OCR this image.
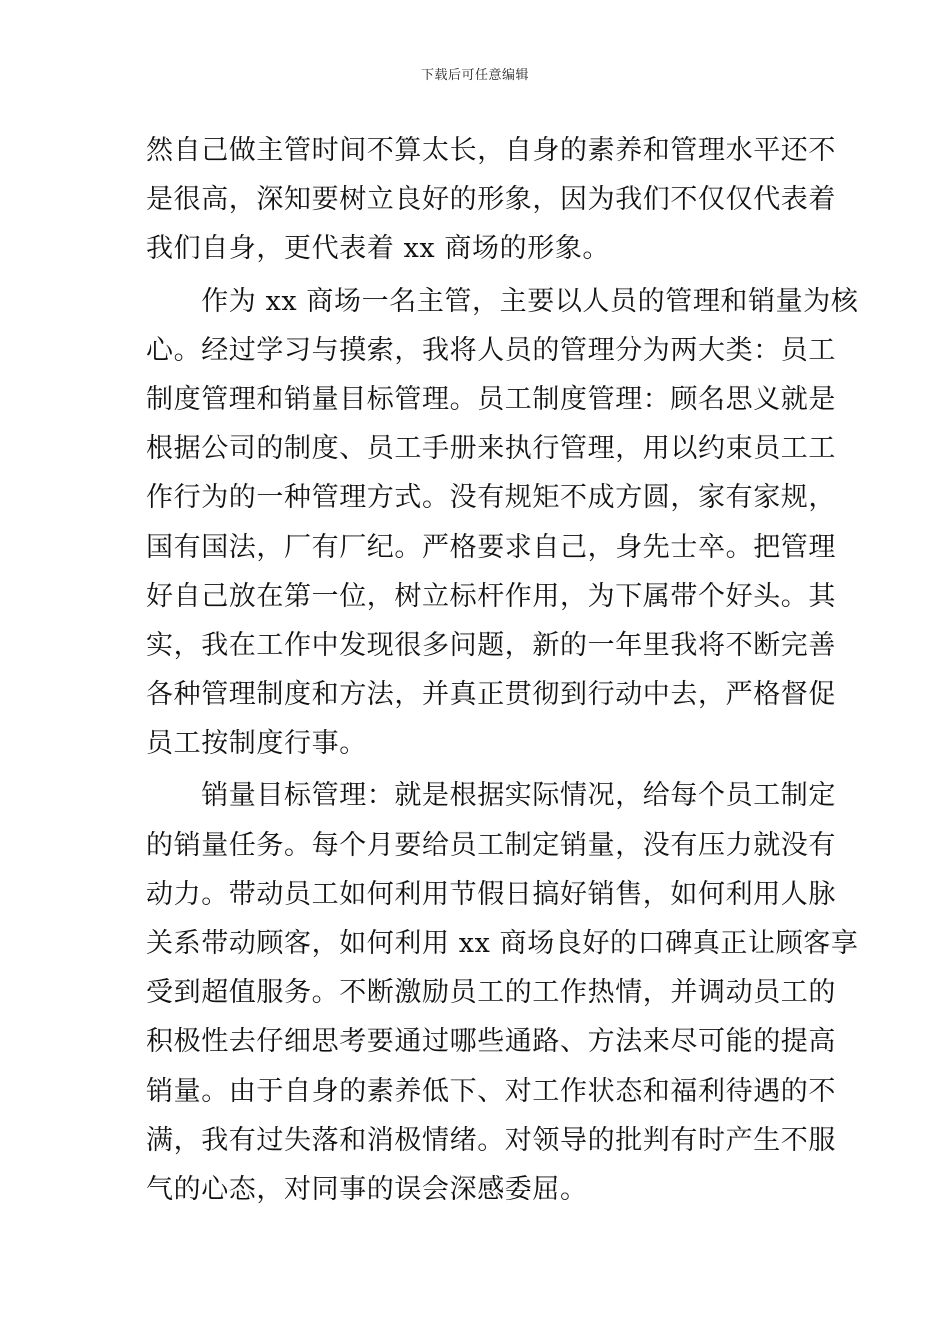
下载后可任意编辑
然自己做主管时间不算太长，自身的素养和管理水平还不
是很高，深知要树立良好的形象，因为我们不仅仅代表着
我们自身，更代表着 xx 商场的形象。
　　作为 xx 商场一名主管，主要以人员的管理和销量为核
心。经过学习与摸索，我将人员的管理分为两大类：员工
制度管理和销量目标管理。员工制度管理：顾名思义就是
根据公司的制度、员工手册来执行管理，用以约束员工工
作行为的一种管理方式。没有规矩不成方圆，家有家规，
国有国法，厂有厂纪。严格要求自己，身先士卒。把管理
好自己放在第一位，树立标杆作用，为下属带个好头。其
实，我在工作中发现很多问题，新的一年里我将不断完善
各种管理制度和方法，并真正贯彻到行动中去，严格督促
员工按制度行事。
　　销量目标管理：就是根据实际情况，给每个员工制定
的销量任务。每个月要给员工制定销量，没有压力就没有
动力。带动员工如何利用节假日搞好销售，如何利用人脉
关系带动顾客，如何利用 xx 商场良好的口碑真正让顾客享
受到超值服务。不断激励员工的工作热情，并调动员工的
积极性去仔细思考要通过哪些通路、方法来尽可能的提高
销量。由于自身的素养低下、对工作状态和福利待遇的不
满，我有过失落和消极情绪。对领导的批判有时产生不服
气的心态，对同事的误会深感委屈。
